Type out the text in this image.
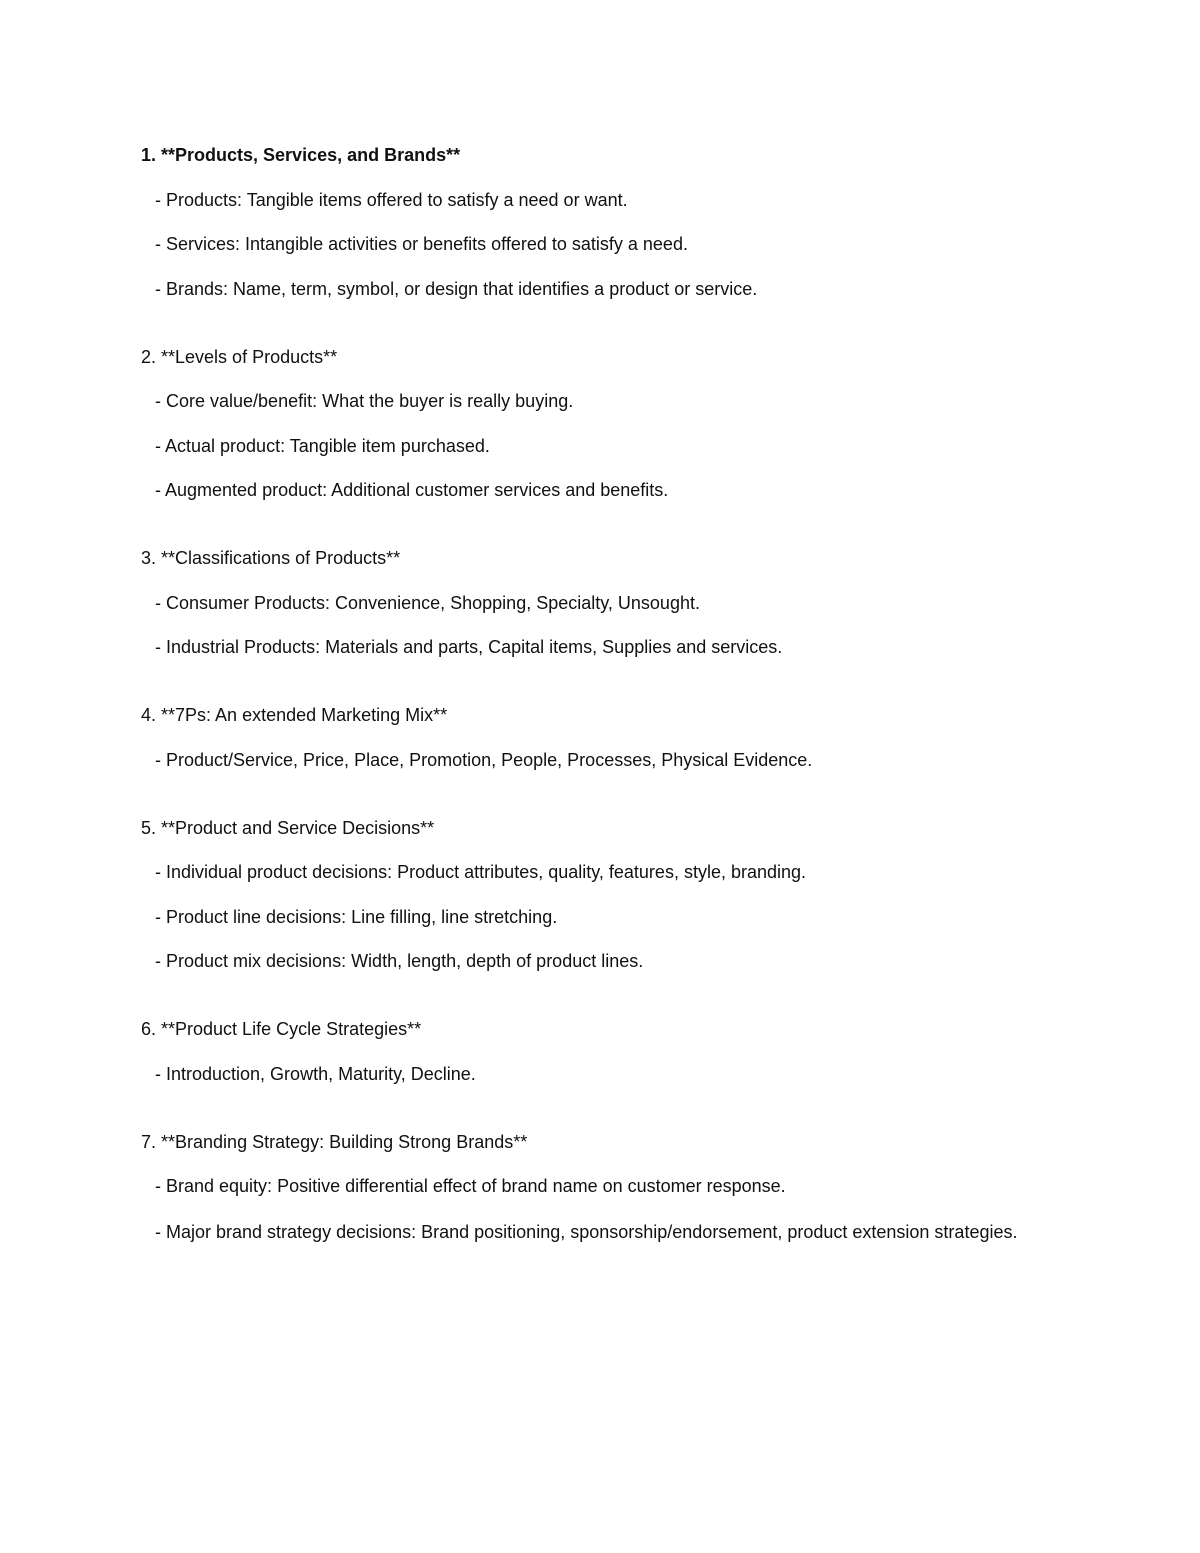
1. **Products, Services, and Brands**
- Products: Tangible items offered to satisfy a need or want.
- Services: Intangible activities or benefits offered to satisfy a need.
- Brands: Name, term, symbol, or design that identifies a product or service.
2. **Levels of Products**
- Core value/benefit: What the buyer is really buying.
- Actual product: Tangible item purchased.
- Augmented product: Additional customer services and benefits.
3. **Classifications of Products**
- Consumer Products: Convenience, Shopping, Specialty, Unsought.
- Industrial Products: Materials and parts, Capital items, Supplies and services.
4. **7Ps: An extended Marketing Mix**
- Product/Service, Price, Place, Promotion, People, Processes, Physical Evidence.
5. **Product and Service Decisions**
- Individual product decisions: Product attributes, quality, features, style, branding.
- Product line decisions: Line filling, line stretching.
- Product mix decisions: Width, length, depth of product lines.
6. **Product Life Cycle Strategies**
- Introduction, Growth, Maturity, Decline.
7. **Branding Strategy: Building Strong Brands**
- Brand equity: Positive differential effect of brand name on customer response.
- Major brand strategy decisions: Brand positioning, sponsorship/endorsement, product extension strategies.
